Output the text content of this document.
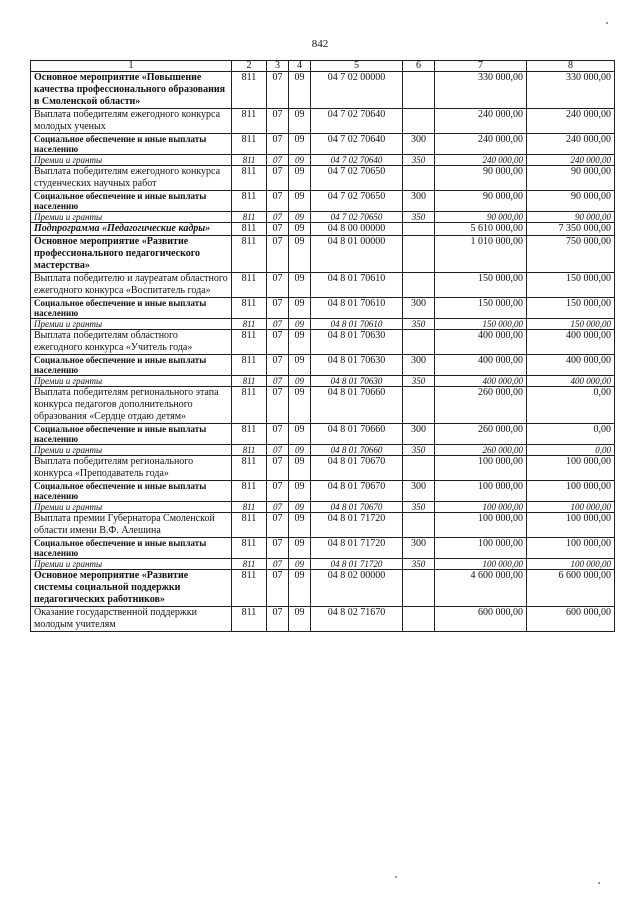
842
1	2	3	4	5	6	7	8
Основное мероприятие «Повышение качества профессионального образования в Смоленской области»	811	07	09	04 7 02 00000		330 000,00	330 000,00
Выплата победителям ежегодного конкурса молодых ученых	811	07	09	04 7 02 70640		240 000,00	240 000,00
Социальное обеспечение и иные выплаты населению	811	07	09	04 7 02 70640	300	240 000,00	240 000,00
Премии и гранты	811	07	09	04 7 02 70640	350	240 000,00	240 000,00
Выплата победителям ежегодного конкурса студенческих научных работ	811	07	09	04 7 02 70650		90 000,00	90 000,00
Социальное обеспечение и иные выплаты населению	811	07	09	04 7 02 70650	300	90 000,00	90 000,00
Премии и гранты	811	07	09	04 7 02 70650	350	90 000,00	90 000,00
Подпрограмма «Педагогические кадры»	811	07	09	04 8 00 00000		5 610 000,00	7 350 000,00
Основное мероприятие «Развитие профессионального педагогического мастерства»	811	07	09	04 8 01 00000		1 010 000,00	750 000,00
Выплата победителю и лауреатам областного ежегодного конкурса «Воспитатель года»	811	07	09	04 8 01 70610		150 000,00	150 000,00
Социальное обеспечение и иные выплаты населению	811	07	09	04 8 01 70610	300	150 000,00	150 000,00
Премии и гранты	811	07	09	04 8 01 70610	350	150 000,00	150 000,00
Выплата победителям областного ежегодного конкурса «Учитель года»	811	07	09	04 8 01 70630		400 000,00	400 000,00
Социальное обеспечение и иные выплаты населению	811	07	09	04 8 01 70630	300	400 000,00	400 000,00
Премии и гранты	811	07	09	04 8 01 70630	350	400 000,00	400 000,00
Выплата победителям регионального этапа конкурса педагогов дополнительного образования «Сердце отдаю детям»	811	07	09	04 8 01 70660		260 000,00	0,00
Социальное обеспечение и иные выплаты населению	811	07	09	04 8 01 70660	300	260 000,00	0,00
Премии и гранты	811	07	09	04 8 01 70660	350	260 000,00	0,00
Выплата победителям регионального конкурса «Преподаватель года»	811	07	09	04 8 01 70670		100 000,00	100 000,00
Социальное обеспечение и иные выплаты населению	811	07	09	04 8 01 70670	300	100 000,00	100 000,00
Премии и гранты	811	07	09	04 8 01 70670	350	100 000,00	100 000,00
Выплата премии Губернатора Смоленской области имени В.Ф. Алешина	811	07	09	04 8 01 71720		100 000,00	100 000,00
Социальное обеспечение и иные выплаты населению	811	07	09	04 8 01 71720	300	100 000,00	100 000,00
Премии и гранты	811	07	09	04 8 01 71720	350	100 000,00	100 000,00
Основное мероприятие «Развитие системы социальной поддержки педагогических работников»	811	07	09	04 8 02 00000		4 600 000,00	6 600 000,00
Оказание государственной поддержки молодым учителям	811	07	09	04 8 02 71670		600 000,00	600 000,00
